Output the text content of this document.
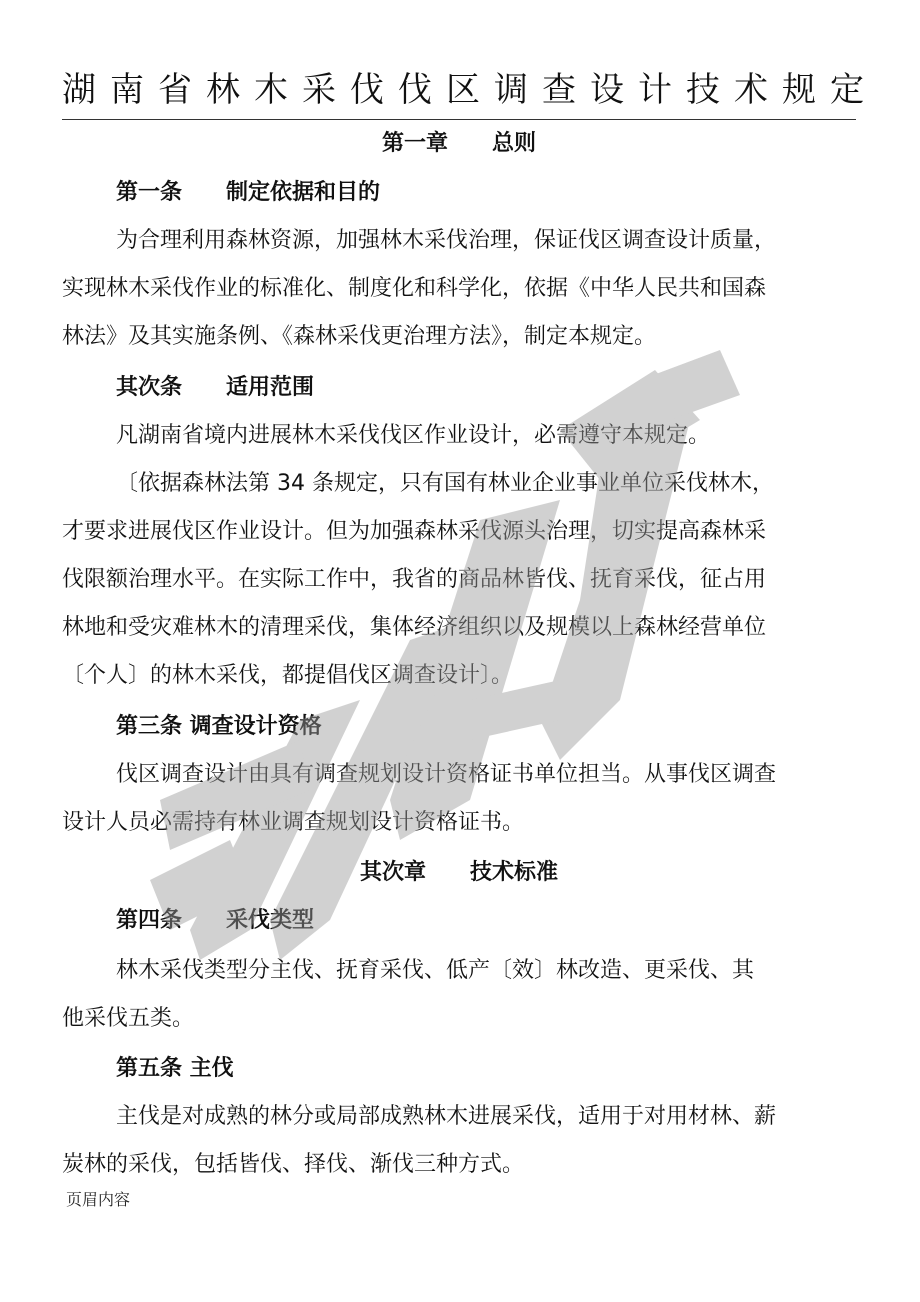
湖南省林木采伐伐区调查设计技术规定
第一章　　总则
第一条　　制定依据和目的
为合理利用森林资源，加强林木采伐治理，保证伐区调查设计质量，
实现林木采伐作业的标准化、制度化和科学化，依据《中华人民共和国森
林法》及其实施条例、《森林采伐更治理方法》，制定本规定。
其次条　　适用范围
凡湖南省境内进展林木采伐伐区作业设计，必需遵守本规定。
〔依据森林法第 34 条规定，只有国有林业企业事业单位采伐林木，
才要求进展伐区作业设计。但为加强森林采伐源头治理，切实提高森林采
伐限额治理水平。在实际工作中，我省的商品林皆伐、抚育采伐，征占用
林地和受灾难林木的清理采伐，集体经济组织以及规模以上森林经营单位
〔个人〕的林木采伐，都提倡伐区调查设计〕。
第三条 调查设计资格
伐区调查设计由具有调查规划设计资格证书单位担当。从事伐区调查
设计人员必需持有林业调查规划设计资格证书。
其次章　　技术标准
第四条　　采伐类型
林木采伐类型分主伐、抚育采伐、低产〔效〕林改造、更采伐、其
他采伐五类。
第五条 主伐
主伐是对成熟的林分或局部成熟林木进展采伐，适用于对用材林、薪
炭林的采伐，包括皆伐、择伐、渐伐三种方式。
页眉内容
